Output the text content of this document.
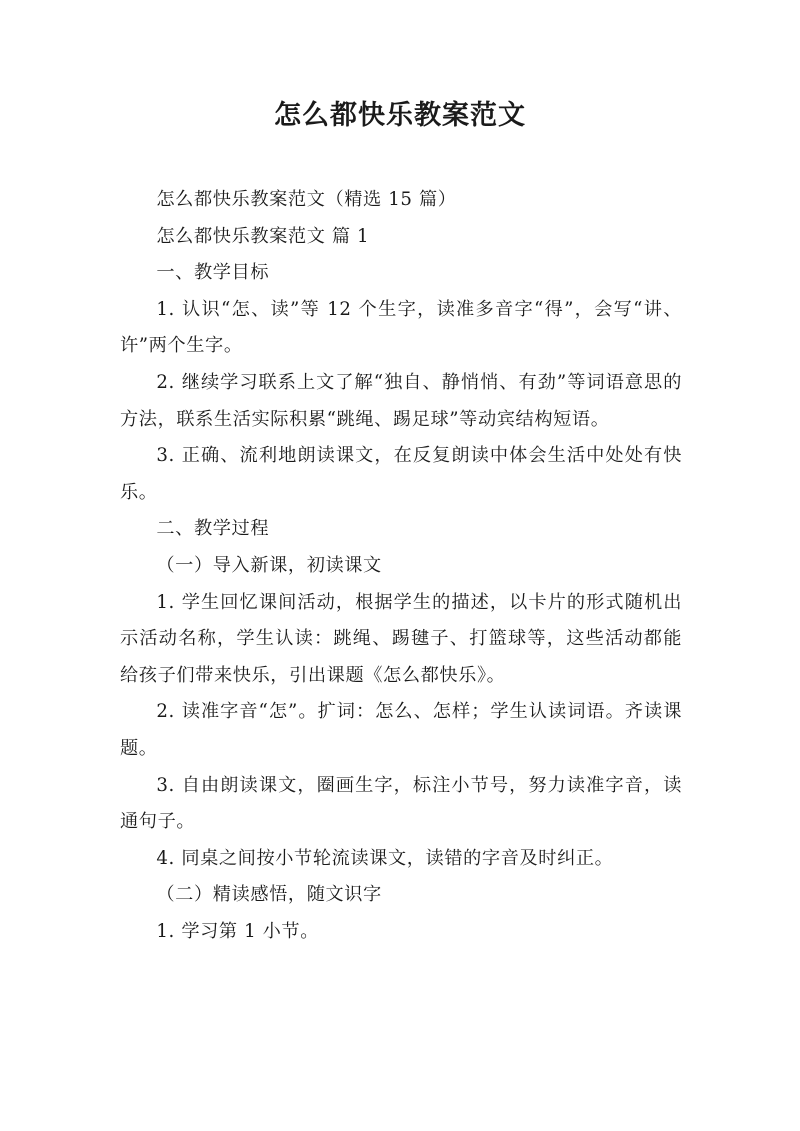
怎么都快乐教案范文

怎么都快乐教案范文（精选 15 篇）

怎么都快乐教案范文 篇 1

一、教学目标

1. 认识“怎、读”等 12 个生字，读准多音字“得”，会写“讲、许”两个生字。

2. 继续学习联系上文了解“独自、静悄悄、有劲”等词语意思的方法，联系生活实际积累“跳绳、踢足球”等动宾结构短语。

3. 正确、流利地朗读课文，在反复朗读中体会生活中处处有快乐。

二、教学过程

（一）导入新课，初读课文

1. 学生回忆课间活动，根据学生的描述，以卡片的形式随机出示活动名称，学生认读：跳绳、踢毽子、打篮球等，这些活动都能给孩子们带来快乐，引出课题《怎么都快乐》。

2. 读准字音“怎”。扩词：怎么、怎样；学生认读词语。齐读课题。

3. 自由朗读课文，圈画生字，标注小节号，努力读准字音，读通句子。

4. 同桌之间按小节轮流读课文，读错的字音及时纠正。

（二）精读感悟，随文识字

1. 学习第 1 小节。
